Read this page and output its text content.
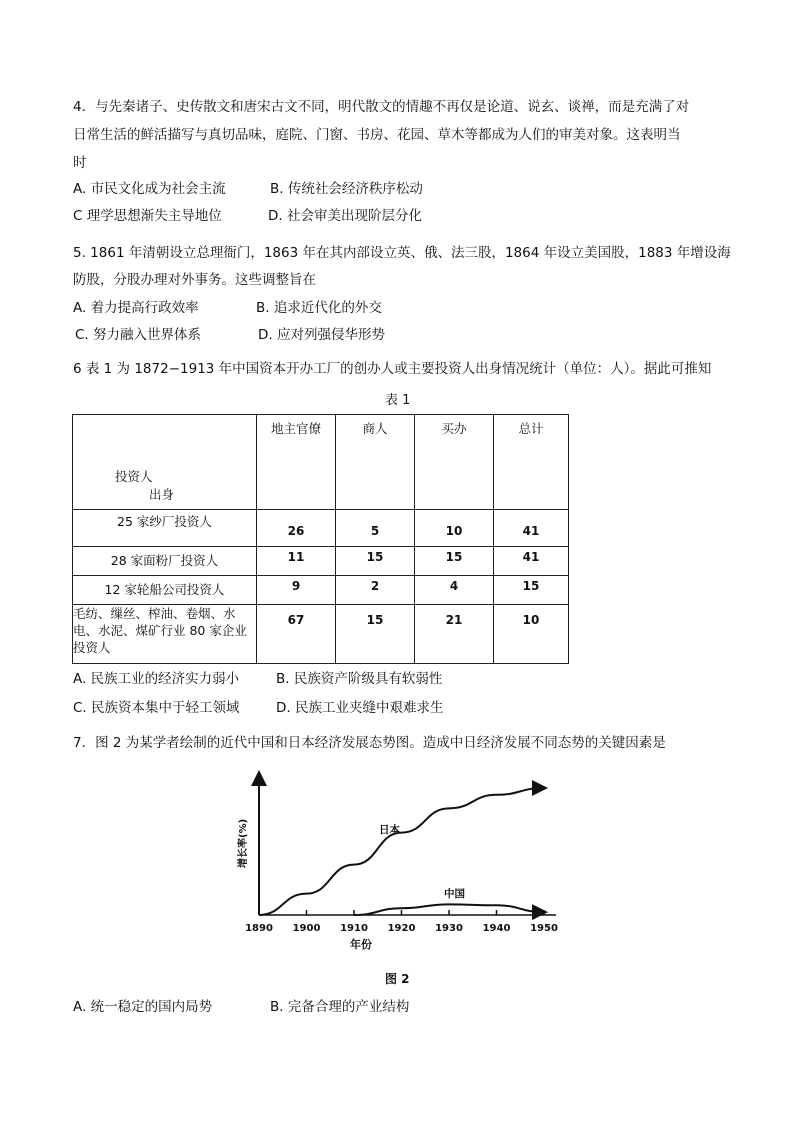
4．与先秦诸子、史传散文和唐宋古文不同，明代散文的情趣不再仅是论道、说玄、谈禅，而是充满了对
日常生活的鲜活描写与真切品味，庭院、门窗、书房、花园、草木等都成为人们的审美对象。这表明当
时
A. 市民文化成为社会主流	B. 传统社会经济秩序松动
C 理学思想渐失主导地位	D. 社会审美出现阶层分化
5. 1861 年清朝设立总理衙门，1863 年在其内部设立英、俄、法三股，1864 年设立美国股，1883 年增设海
防股，分股办理对外事务。这些调整旨在
A. 着力提高行政效率	B. 追求近代化的外交
C. 努力融入世界体系	D. 应对列强侵华形势
6 表 1 为 1872−1913 年中国资本开办工厂的创办人或主要投资人出身情况统计（单位：人）。据此可推知
表 1
投资人
出身	地主官僚	商人	买办	总计

25 家纱厂投资人	26	5	10	41

28 家面粉厂投资人	11	15	15	41

12 家轮船公司投资人	9	2	4	15

毛纺、缫丝、榨油、卷烟、水
电、水泥、煤矿行业 80 家企业
投资人	67	15	21	10
A. 民族工业的经济实力弱小	B. 民族资产阶级具有软弱性
C. 民族资本集中于轻工领域	D. 民族工业夹缝中艰难求生
7．图 2 为某学者绘制的近代中国和日本经济发展态势图。造成中日经济发展不同态势的关键因素是
增长率(%)
年份
1890 1900 1910 1920 1930 1940 1950
日本
中国
图 2
A. 统一稳定的国内局势	B. 完备合理的产业结构
